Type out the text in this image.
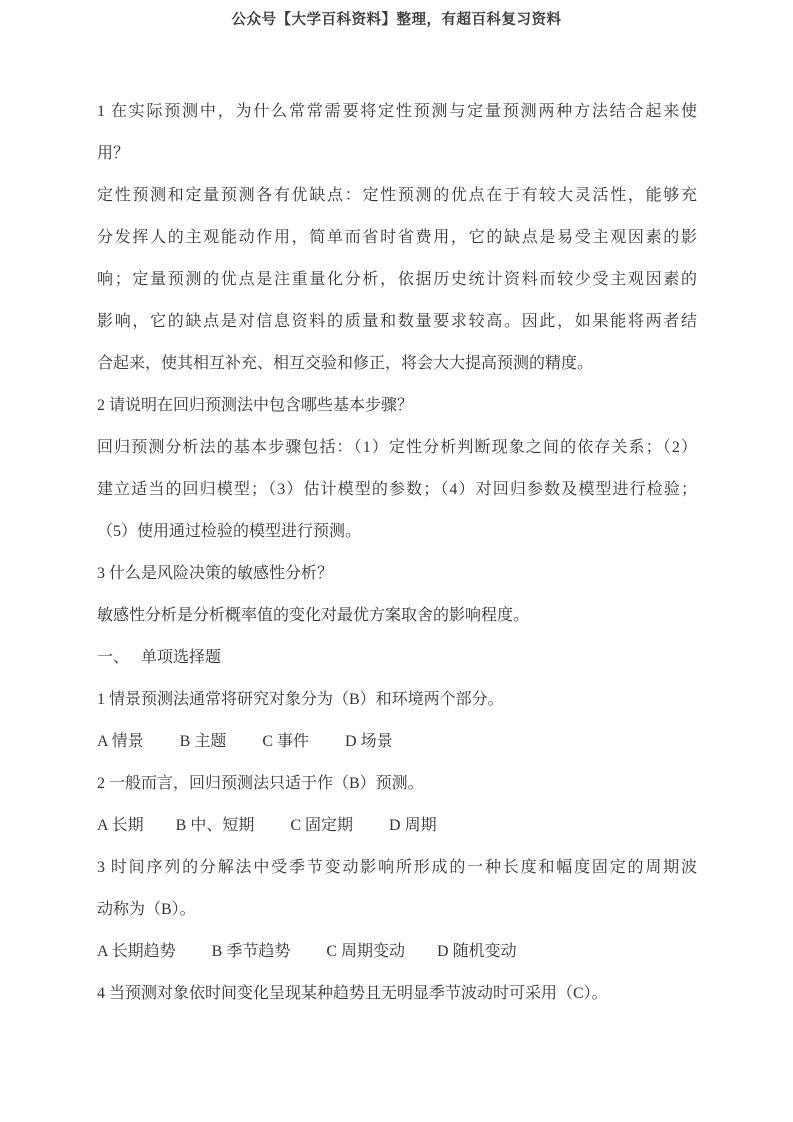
公众号【大学百科资料】整理，有超百科复习资料
1 在实际预测中，为什么常常需要将定性预测与定量预测两种方法结合起来使
用？
定性预测和定量预测各有优缺点：定性预测的优点在于有较大灵活性，能够充
分发挥人的主观能动作用，简单而省时省费用，它的缺点是易受主观因素的影
响；定量预测的优点是注重量化分析，依据历史统计资料而较少受主观因素的
影响，它的缺点是对信息资料的质量和数量要求较高。因此，如果能将两者结
合起来，使其相互补充、相互交验和修正，将会大大提高预测的精度。
2 请说明在回归预测法中包含哪些基本步骤？
回归预测分析法的基本步骤包括：（1）定性分析判断现象之间的依存关系；（2）
建立适当的回归模型；（3）估计模型的参数；（4）对回归参数及模型进行检验；
（5）使用通过检验的模型进行预测。
3 什么是风险决策的敏感性分析？
敏感性分析是分析概率值的变化对最优方案取舍的影响程度。
一、　 单项选择题
1 情景预测法通常将研究对象分为（B）和环境两个部分。
A 情景　　 B 主题　　 C 事件　　 D 场景
2 一般而言，回归预测法只适于作（B）预测。
A 长期　　B 中、短期　　 C 固定期　　 D 周期
3 时间序列的分解法中受季节变动影响所形成的一种长度和幅度固定的周期波
动称为（B）。
A 长期趋势　　 B 季节趋势　　 C 周期变动　　D 随机变动
4 当预测对象依时间变化呈现某种趋势且无明显季节波动时可采用（C）。
